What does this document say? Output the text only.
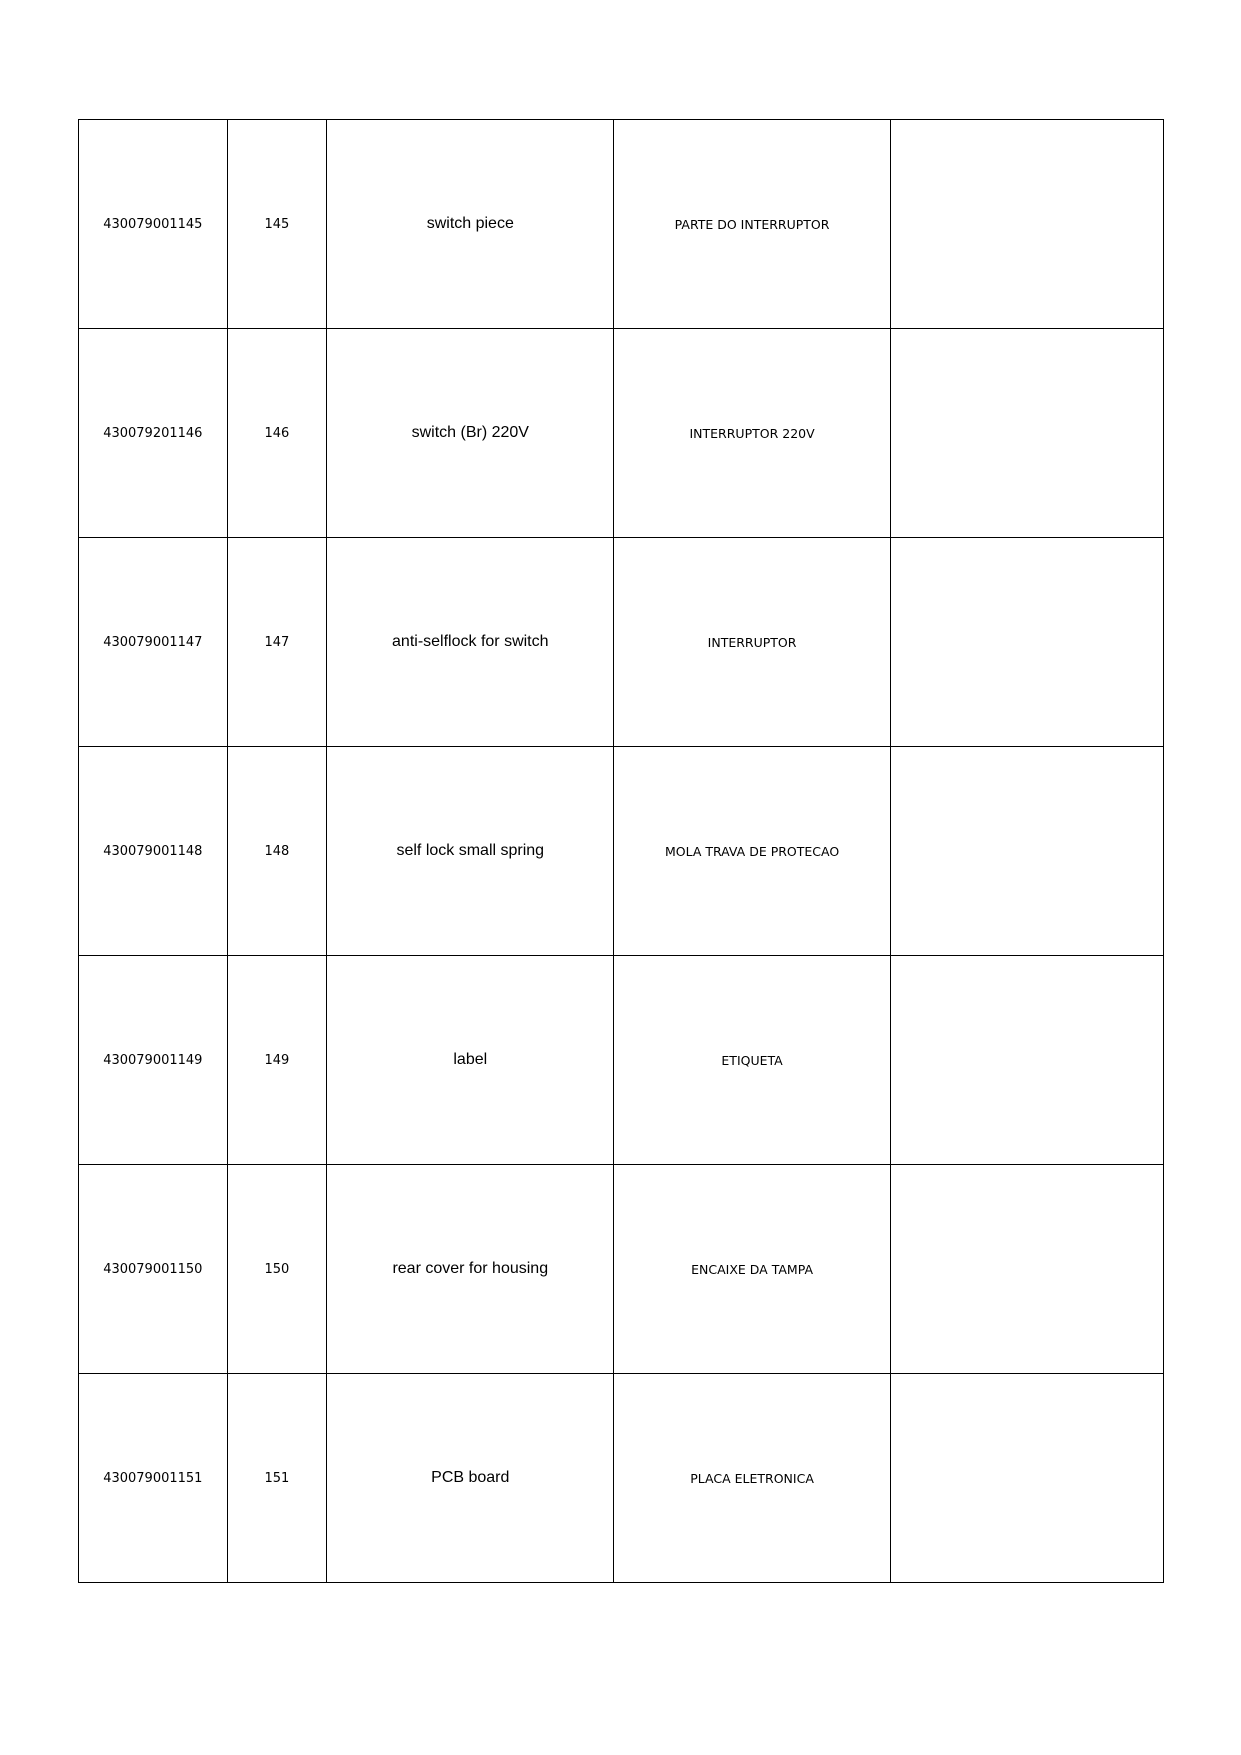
430079001145	145	switch piece	PARTE DO INTERRUPTOR	
430079201146	146	switch (Br) 220V	INTERRUPTOR 220V	
430079001147	147	anti-selflock for switch	INTERRUPTOR	
430079001148	148	self lock small spring	MOLA TRAVA DE PROTECAO	
430079001149	149	label	ETIQUETA	
430079001150	150	rear cover for housing	ENCAIXE DA TAMPA	
430079001151	151	PCB board	PLACA ELETRONICA	
